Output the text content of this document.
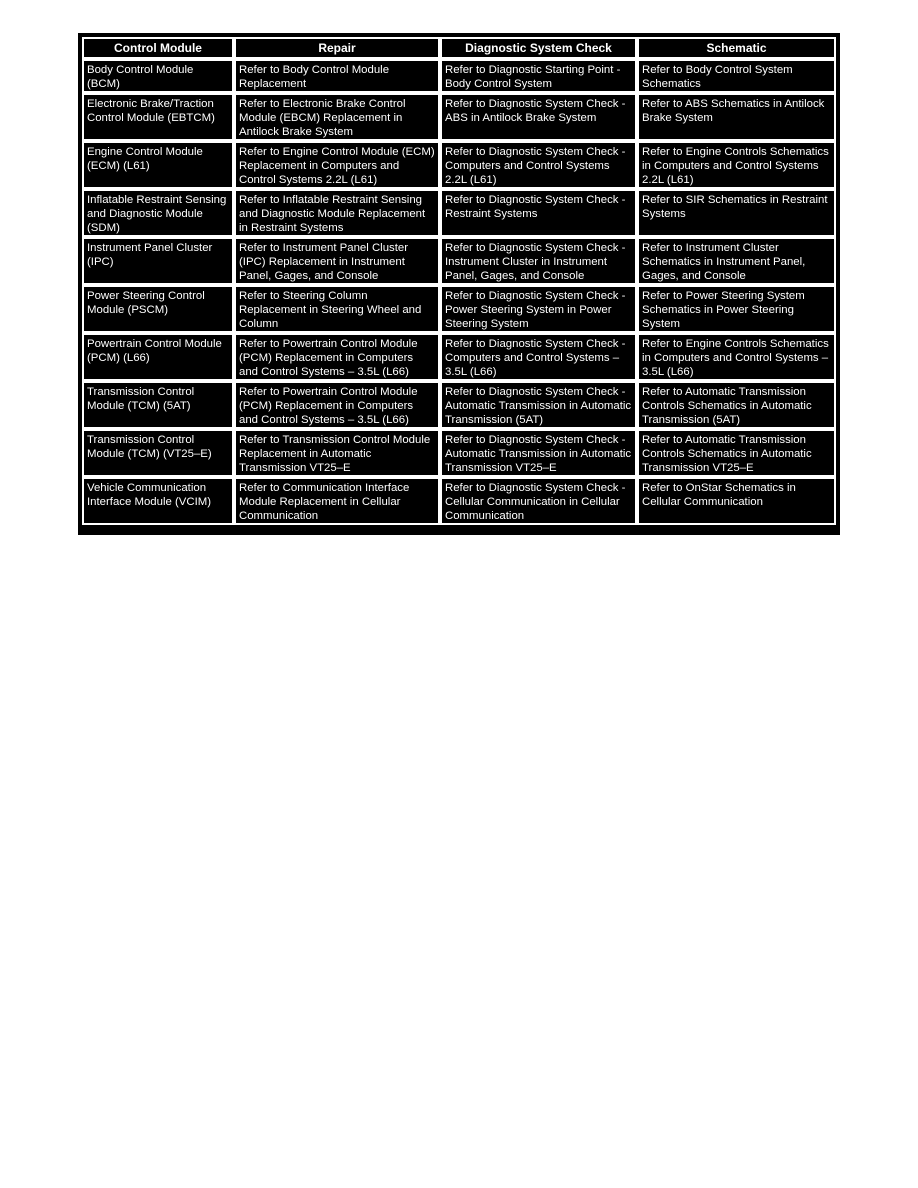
Control Module	Repair	Diagnostic System Check	Schematic

Body Control Module (BCM)	Refer to Body Control Module Replacement	Refer to Diagnostic Starting Point - Body Control System	Refer to Body Control System Schematics

Electronic Brake/Traction Control Module (EBTCM)	Refer to Electronic Brake Control Module (EBCM) Replacement in Antilock Brake System	Refer to Diagnostic System Check - ABS in Antilock Brake System	Refer to ABS Schematics in Antilock Brake System

Engine Control Module (ECM) (L61)	Refer to Engine Control Module (ECM) Replacement in Computers and Control Systems 2.2L (L61)	Refer to Diagnostic System Check - Computers and Control Systems 2.2L (L61)	Refer to Engine Controls Schematics in Computers and Control Systems 2.2L (L61)

Inflatable Restraint Sensing and Diagnostic Module (SDM)	Refer to Inflatable Restraint Sensing and Diagnostic Module Replacement in Restraint Systems	Refer to Diagnostic System Check - Restraint Systems	Refer to SIR Schematics in Restraint Systems

Instrument Panel Cluster (IPC)	Refer to Instrument Panel Cluster (IPC) Replacement in Instrument Panel, Gages, and Console	Refer to Diagnostic System Check - Instrument Cluster in Instrument Panel, Gages, and Console	Refer to Instrument Cluster Schematics in Instrument Panel, Gages, and Console

Power Steering Control Module (PSCM)	Refer to Steering Column Replacement in Steering Wheel and Column	Refer to Diagnostic System Check - Power Steering System in Power Steering System	Refer to Power Steering System Schematics in Power Steering System

Powertrain Control Module (PCM) (L66)	Refer to Powertrain Control Module (PCM) Replacement in Computers and Control Systems – 3.5L (L66)	Refer to Diagnostic System Check - Computers and Control Systems – 3.5L (L66)	Refer to Engine Controls Schematics in Computers and Control Systems – 3.5L (L66)

Transmission Control Module (TCM) (5AT)	Refer to Powertrain Control Module (PCM) Replacement in Computers and Control Systems – 3.5L (L66)	Refer to Diagnostic System Check - Automatic Transmission in Automatic Transmission (5AT)	Refer to Automatic Transmission Controls Schematics in Automatic Transmission (5AT)

Transmission Control Module (TCM) (VT25–E)	Refer to Transmission Control Module Replacement in Automatic Transmission VT25–E	Refer to Diagnostic System Check - Automatic Transmission in Automatic Transmission VT25–E	Refer to Automatic Transmission Controls Schematics in Automatic Transmission VT25–E

Vehicle Communication Interface Module (VCIM)	Refer to Communication Interface Module Replacement in Cellular Communication	Refer to Diagnostic System Check - Cellular Communication in Cellular Communication	Refer to OnStar Schematics in Cellular Communication
